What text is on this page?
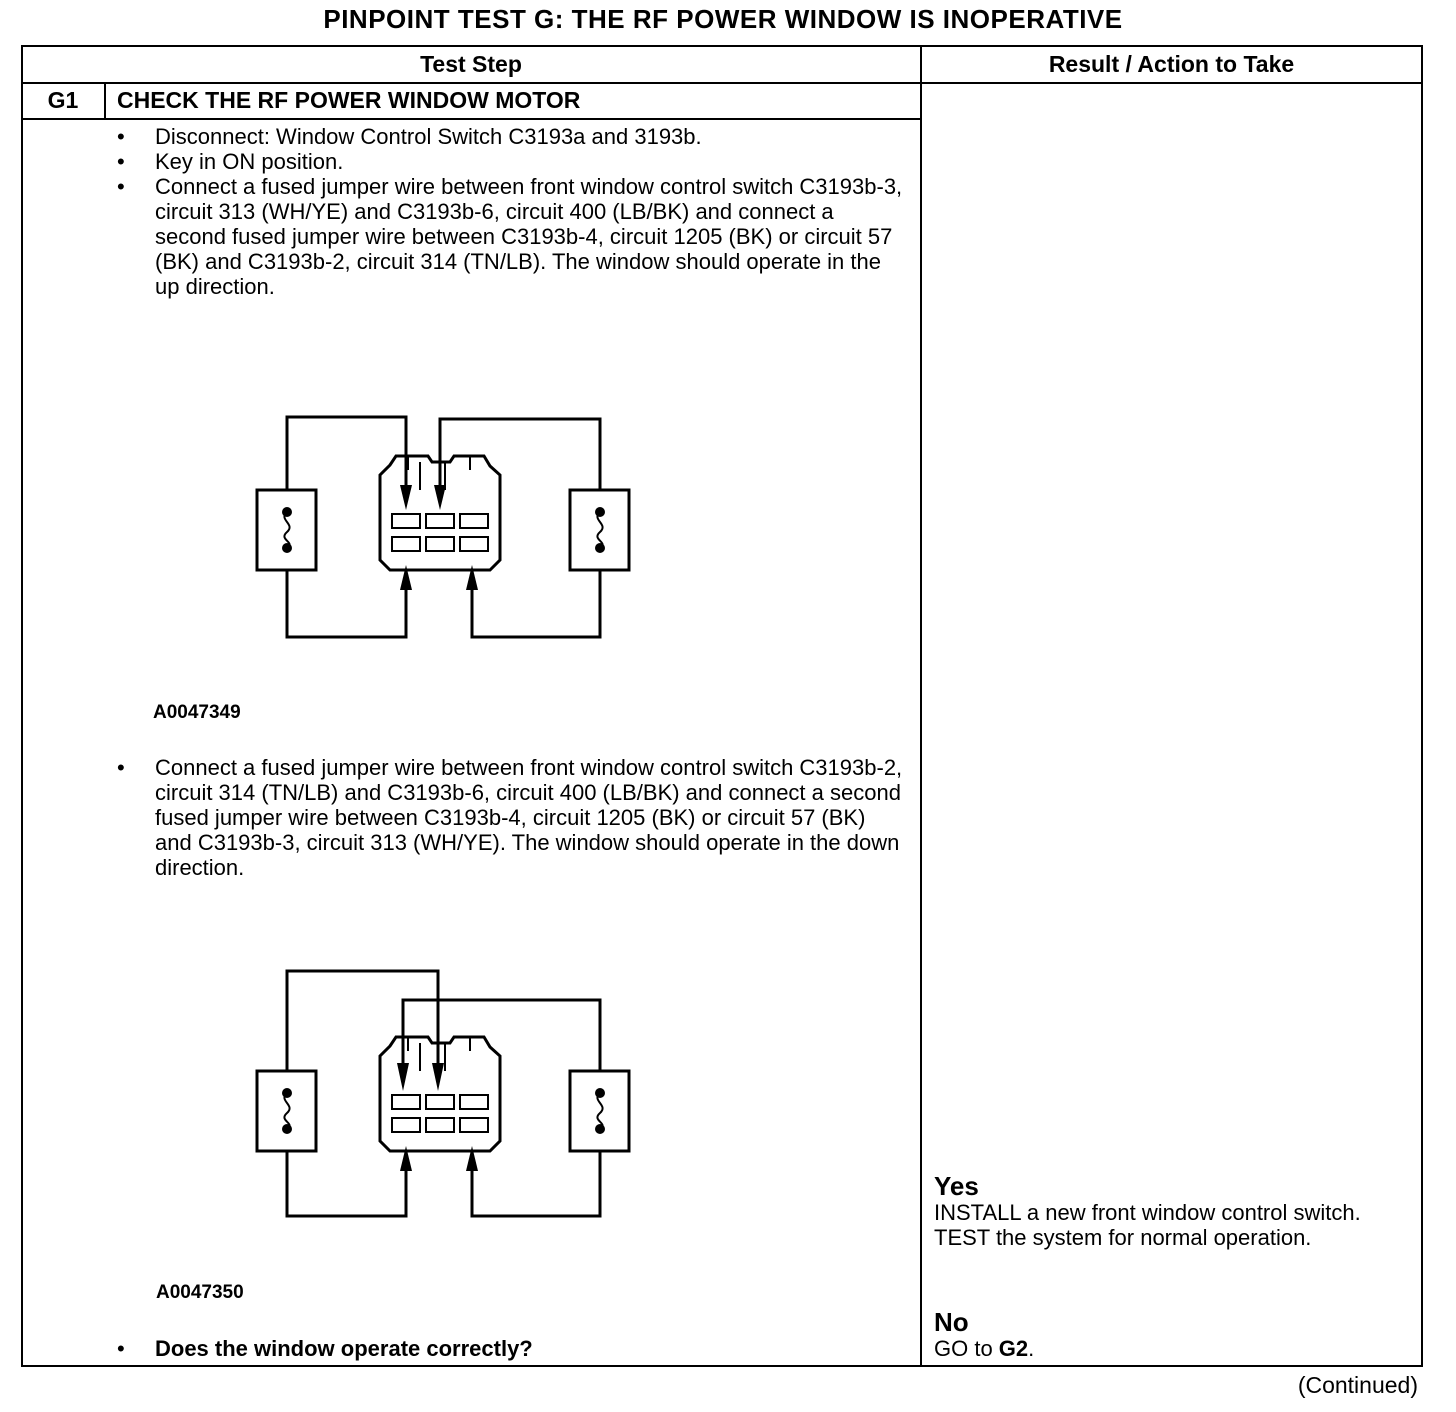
PINPOINT TEST G: THE RF POWER WINDOW IS INOPERATIVE
Test Step	Result / Action to Take
G1	CHECK THE RF POWER WINDOW MOTOR
• Disconnect: Window Control Switch C3193a and 3193b.
• Key in ON position.
• Connect a fused jumper wire between front window control switch C3193b-3, circuit 313 (WH/YE) and C3193b-6, circuit 400 (LB/BK) and connect a second fused jumper wire between C3193b-4, circuit 1205 (BK) or circuit 57 (BK) and C3193b-2, circuit 314 (TN/LB). The window should operate in the up direction.
A0047349
• Connect a fused jumper wire between front window control switch C3193b-2, circuit 314 (TN/LB) and C3193b-6, circuit 400 (LB/BK) and connect a second fused jumper wire between C3193b-4, circuit 1205 (BK) or circuit 57 (BK) and C3193b-3, circuit 313 (WH/YE). The window should operate in the down direction.
A0047350
• Does the window operate correctly?
Yes
INSTALL a new front window control switch. TEST the system for normal operation.
No
GO to G2.
(Continued)
